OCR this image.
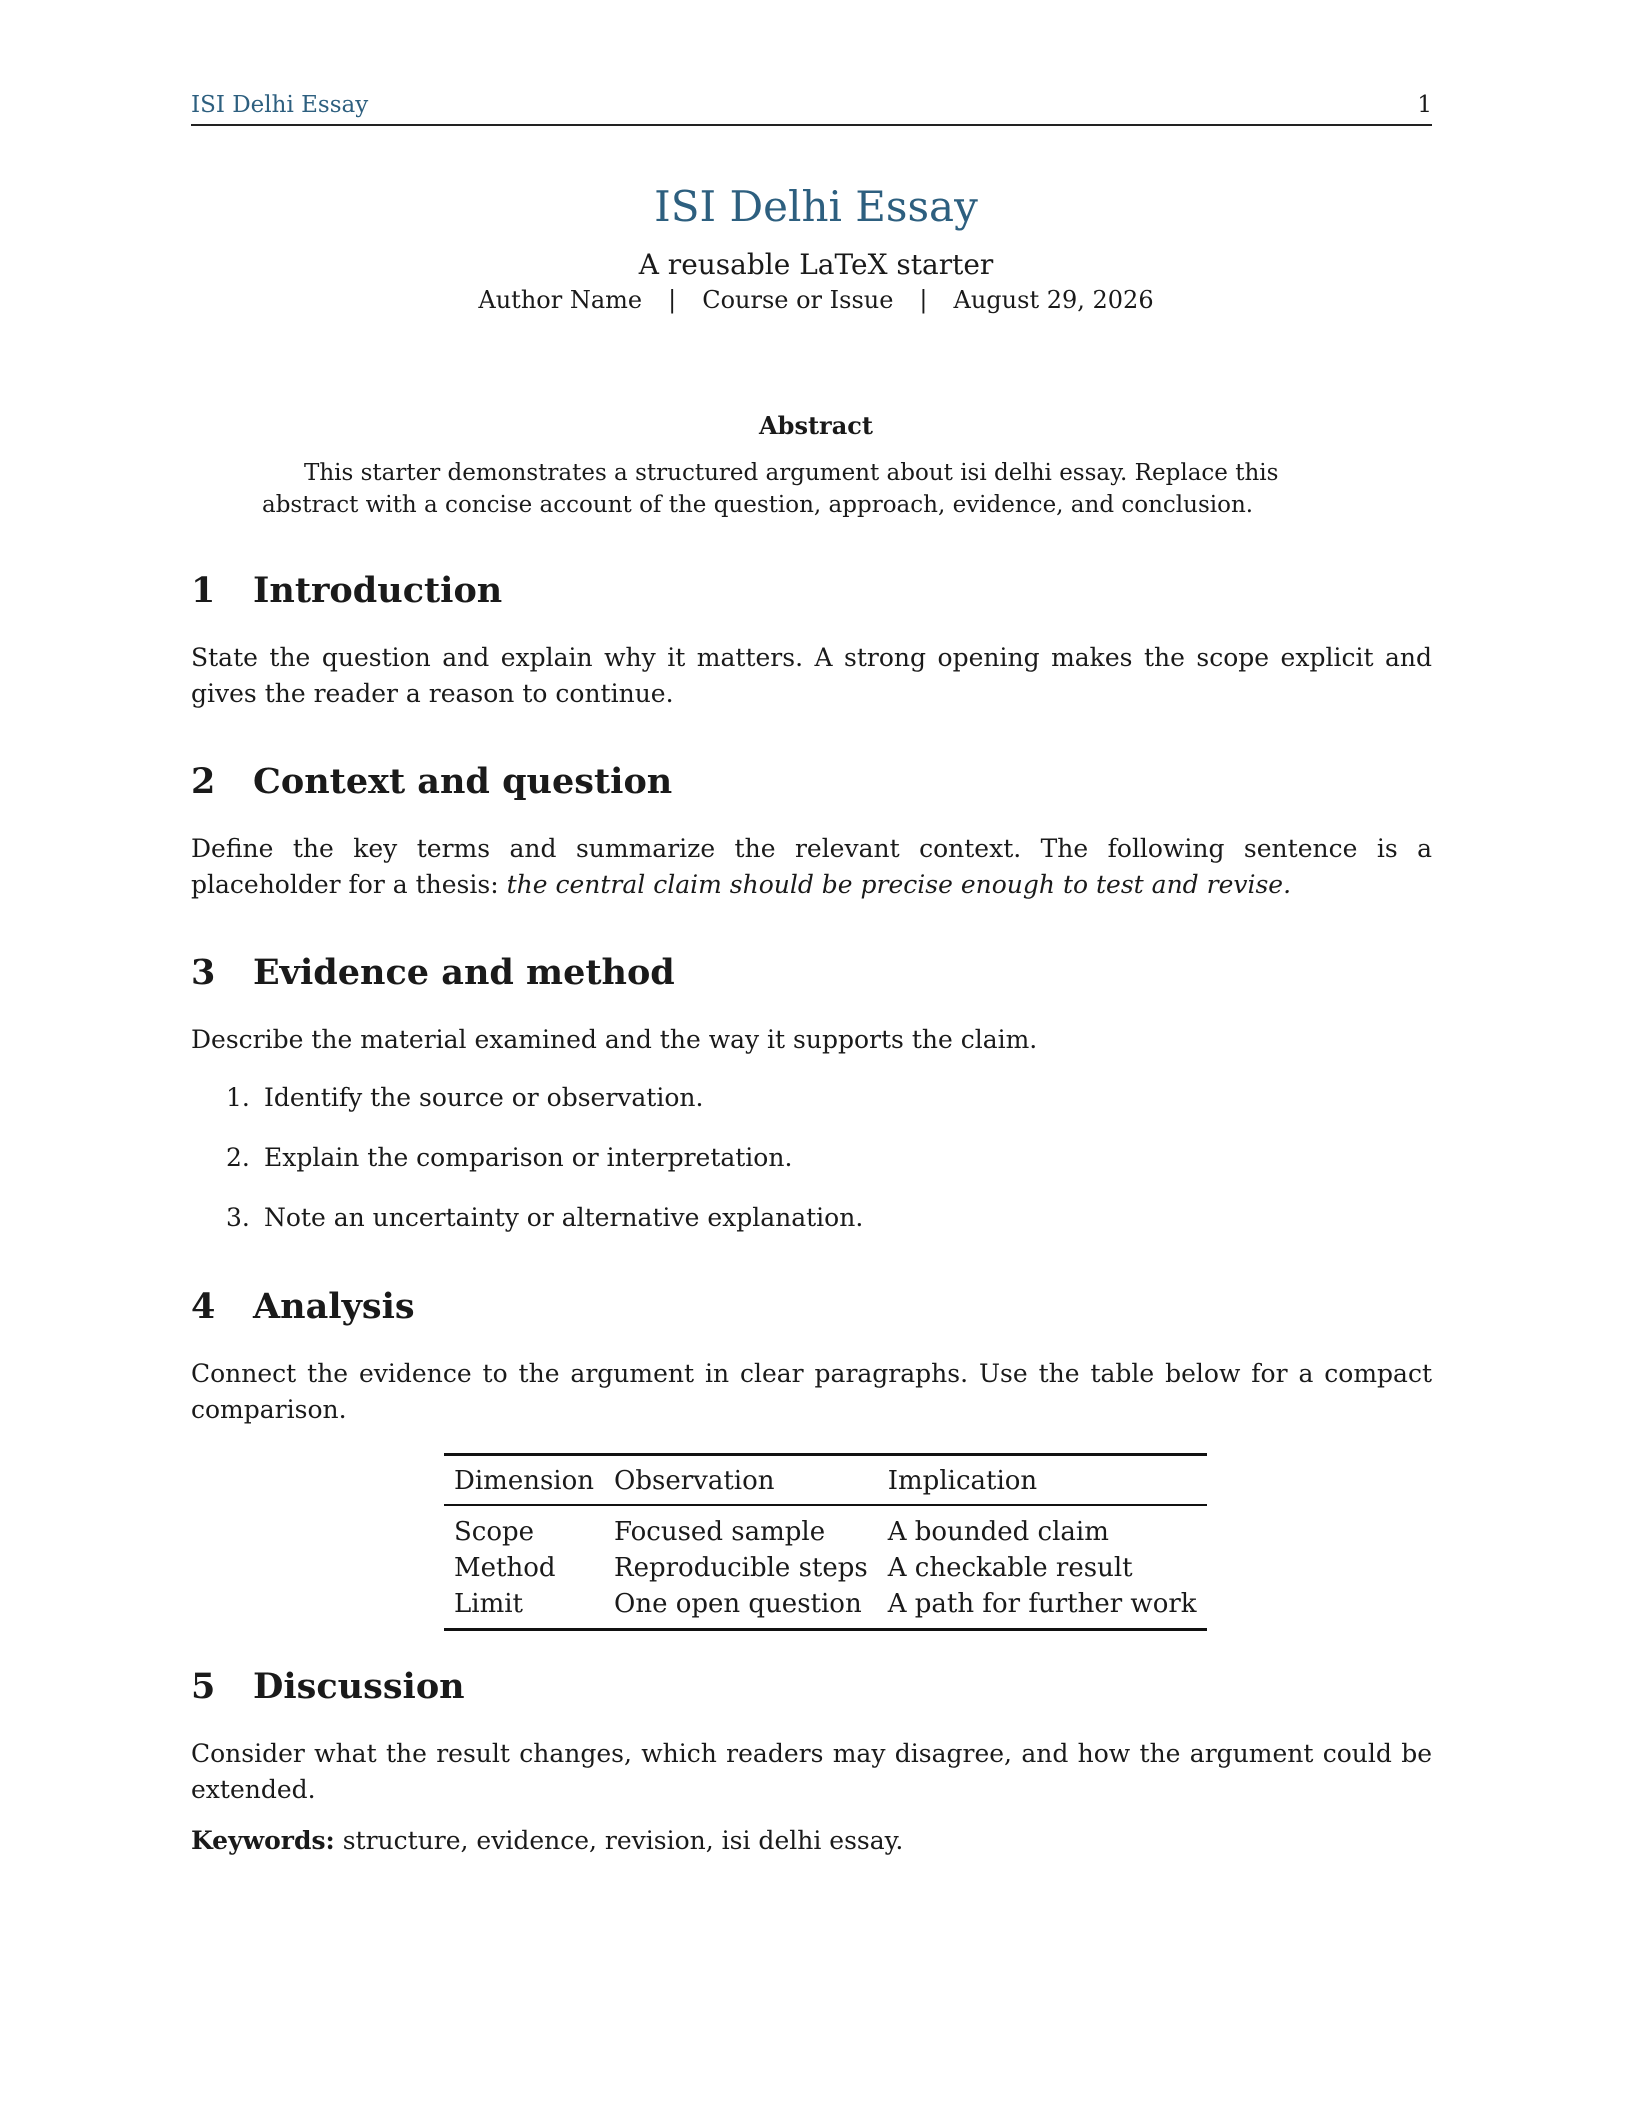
ISI Delhi Essay	1
ISI Delhi Essay
A reusable LaTeX starter
Author Name | Course or Issue | August 29, 2026
Abstract
This starter demonstrates a structured argument about isi delhi essay. Replace this abstract with a concise account of the question, approach, evidence, and conclusion.
1 Introduction
State the question and explain why it matters. A strong opening makes the scope explicit and gives the reader a reason to continue.
2 Context and question
Define the key terms and summarize the relevant context. The following sentence is a placeholder for a thesis: the central claim should be precise enough to test and revise.
3 Evidence and method
Describe the material examined and the way it supports the claim.
1. Identify the source or observation.
2. Explain the comparison or interpretation.
3. Note an uncertainty or alternative explanation.
4 Analysis
Connect the evidence to the argument in clear paragraphs. Use the table below for a compact comparison.
Dimension	Observation	Implication
Scope	Focused sample	A bounded claim
Method	Reproducible steps	A checkable result
Limit	One open question	A path for further work
5 Discussion
Consider what the result changes, which readers may disagree, and how the argument could be extended.
Keywords: structure, evidence, revision, isi delhi essay.
